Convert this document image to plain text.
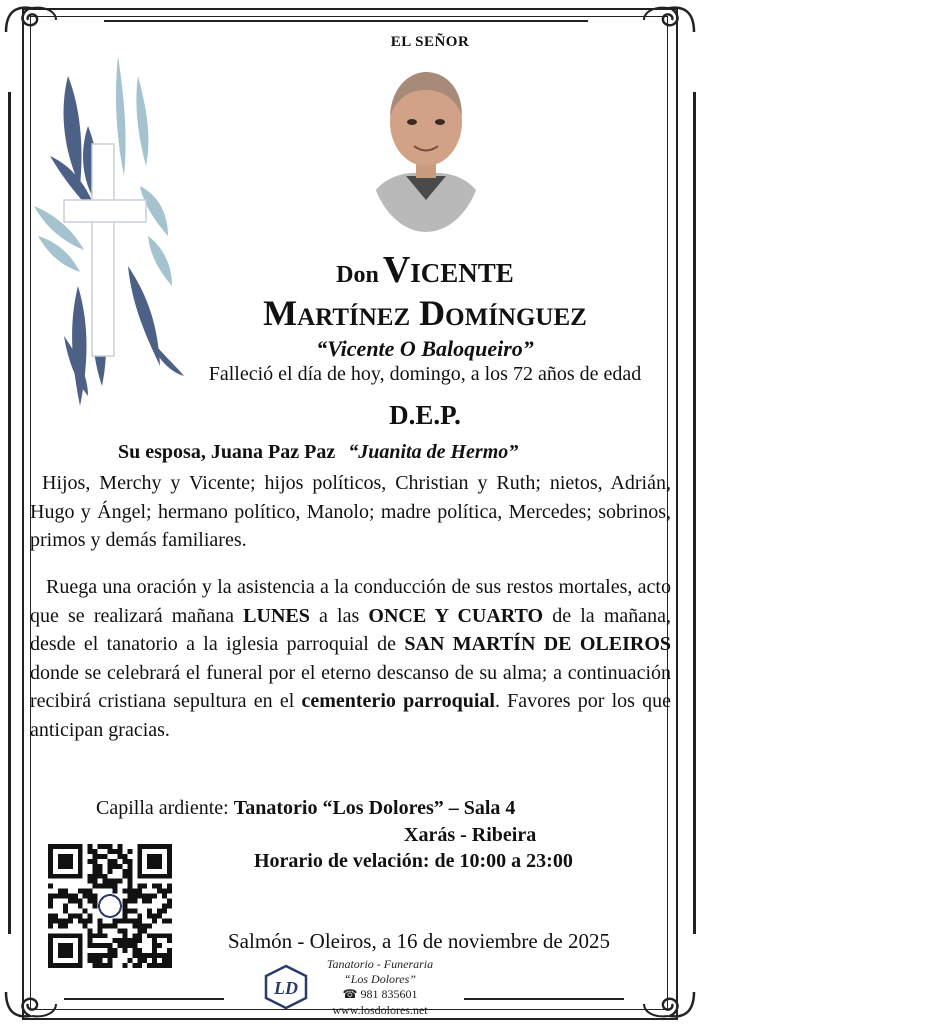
EL SEÑOR
Don Vicente
Martínez Domínguez
“Vicente O Baloqueiro”
Falleció el día de hoy, domingo, a los 72 años de edad
D.E.P.
Su esposa, Juana Paz Paz “Juanita de Hermo”
Hijos, Merchy y Vicente; hijos políticos, Christian y Ruth; nietos, Adrián, Hugo y Ángel; hermano político, Manolo; madre política, Mercedes; sobrinos, primos y demás familiares.
Ruega una oración y la asistencia a la conducción de sus restos mortales, acto que se realizará mañana LUNES a las ONCE Y CUARTO de la mañana, desde el tanatorio a la iglesia parroquial de SAN MARTÍN DE OLEIROS donde se celebrará el funeral por el eterno descanso de su alma; a continuación recibirá cristiana sepultura en el cementerio parroquial. Favores por los que anticipan gracias.
Capilla ardiente: Tanatorio “Los Dolores” – Sala 4
Xarás - Ribeira
Horario de velación: de 10:00 a 23:00
Salmón - Oleiros, a 16 de noviembre de 2025
LD
Tanatorio - Funeraria
“Los Dolores”
☎ 981 835601
www.losdolores.net
